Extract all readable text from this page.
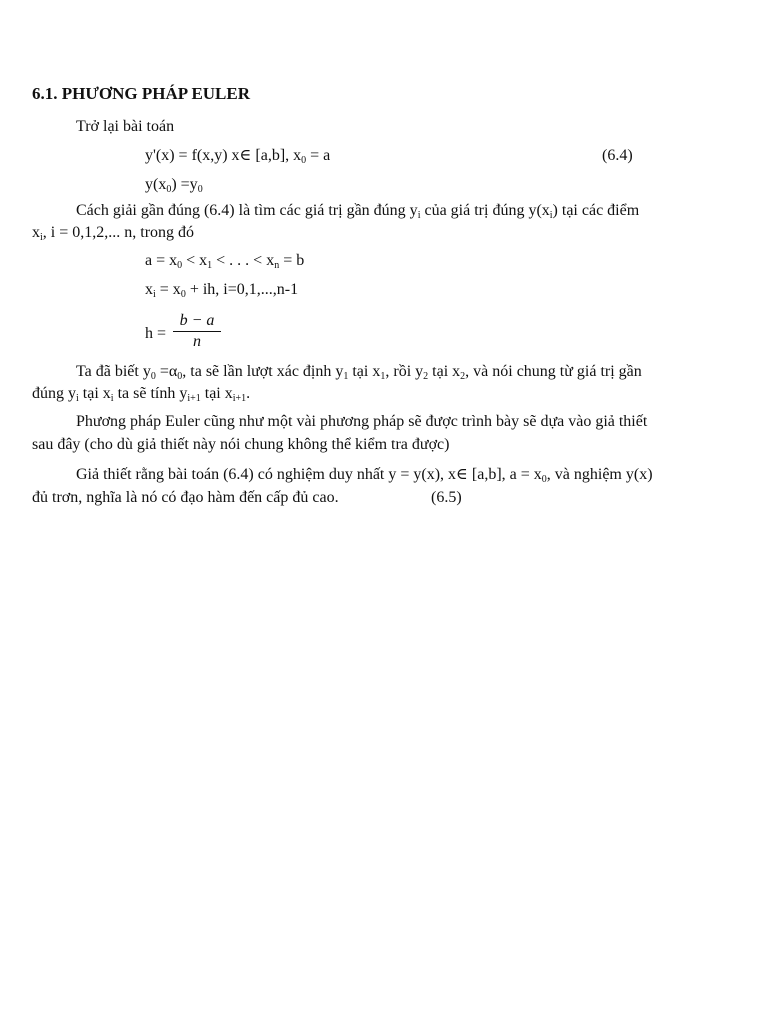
6.1. PHƯƠNG PHÁP EULER
Trở lại bài toán
y'(x) = f(x,y) x∈ [a,b], $x_0 = a$	(6.4)
$y(x_0) =y_0$
Cách giải gần đúng (6.4) là tìm các giá trị gần đúng $y_i$ của giá trị đúng $y(x_i)$ tại các điểm
$x_i$, i = 0,1,2,... n, trong đó
$a = x_0 < x_1$ < . . . < $x_n = b$
$x_i = x_0$ + ih, i=0,1,...,n-1
h =
b − a
n
Ta đã biết $y_0 =\alpha_0$, ta sẽ lần lượt xác định $y_1$ tại $x_1$, rồi $y_2$ tại $x_2$, và nói chung từ giá trị gần
đúng $y_i$ tại $x_i$ ta sẽ tính $y_{i+1}$ tại $x_{i+1}$.
Phương pháp Euler cũng như một vài phương pháp sẽ được trình bày sẽ dựa vào giả thiết
sau đây (cho dù giả thiết này nói chung không thể kiểm tra được)
Giả thiết rằng bài toán (6.4) có nghiệm duy nhất y = y(x), x∈ [a,b], $a = x_0$, và nghiệm y(x)
đủ trơn, nghĩa là nó có đạo hàm đến cấp đủ cao.	(6.5)
